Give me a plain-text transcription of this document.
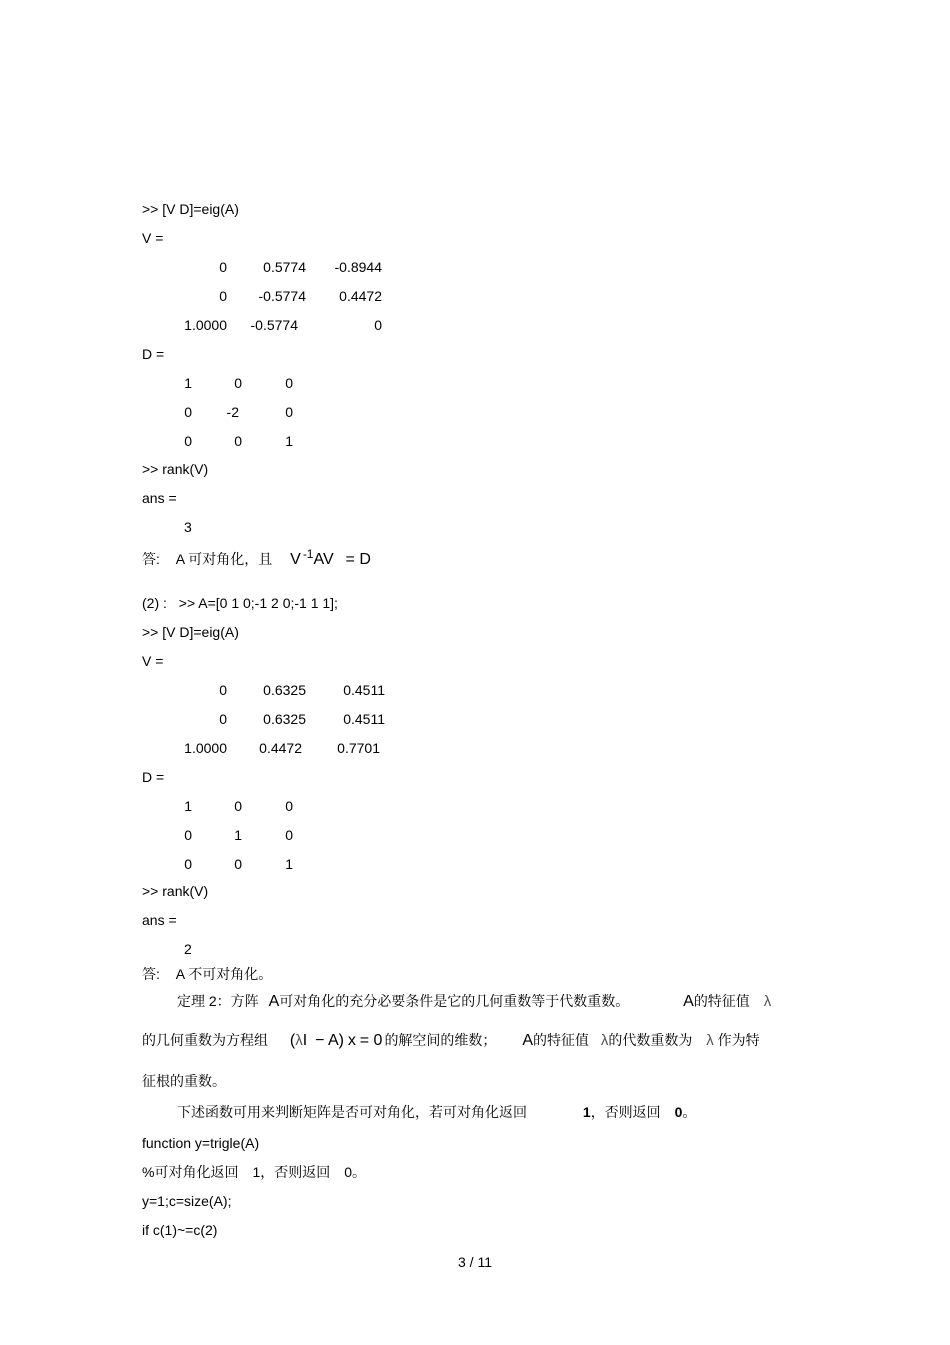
>> [V D]=eig(A)
V =
0	0.5774 -0.8944
0 -0.5774 0.4472
1.0000 -0.5774	0
D =
1	0	0
0 -2	0
0	0	1
>> rank(V)
ans =
3
答: A 可对角化，且 V -1AV = D
(2) : >> A=[0 1 0;-1 2 0;-1 1 1];
>> [V D]=eig(A)
V =
0	0.6325	0.4511
0	0.6325	0.4511
1.0000 0.4472	0.7701
D =
1	0	0
0	1	0
0	0	1
>> rank(V)
ans =
2
答: A 不可对角化。
定理 2：方阵 A可对角化的充分必要条件是它的几何重数等于代数重数。	A的特征值 λ
的几何重数为方程组 (λI − A) x = 0 的解空间的维数； A的特征值 λ的代数重数为 λ 作为特
征根的重数。
下述函数可用来判断矩阵是否可对角化，若可对角化返回	1，否则返回 0。
function y=trigle(A)
%可对角化返回　1，否则返回　0。
y=1;c=size(A);
if c(1)~=c(2)
3 / 11
